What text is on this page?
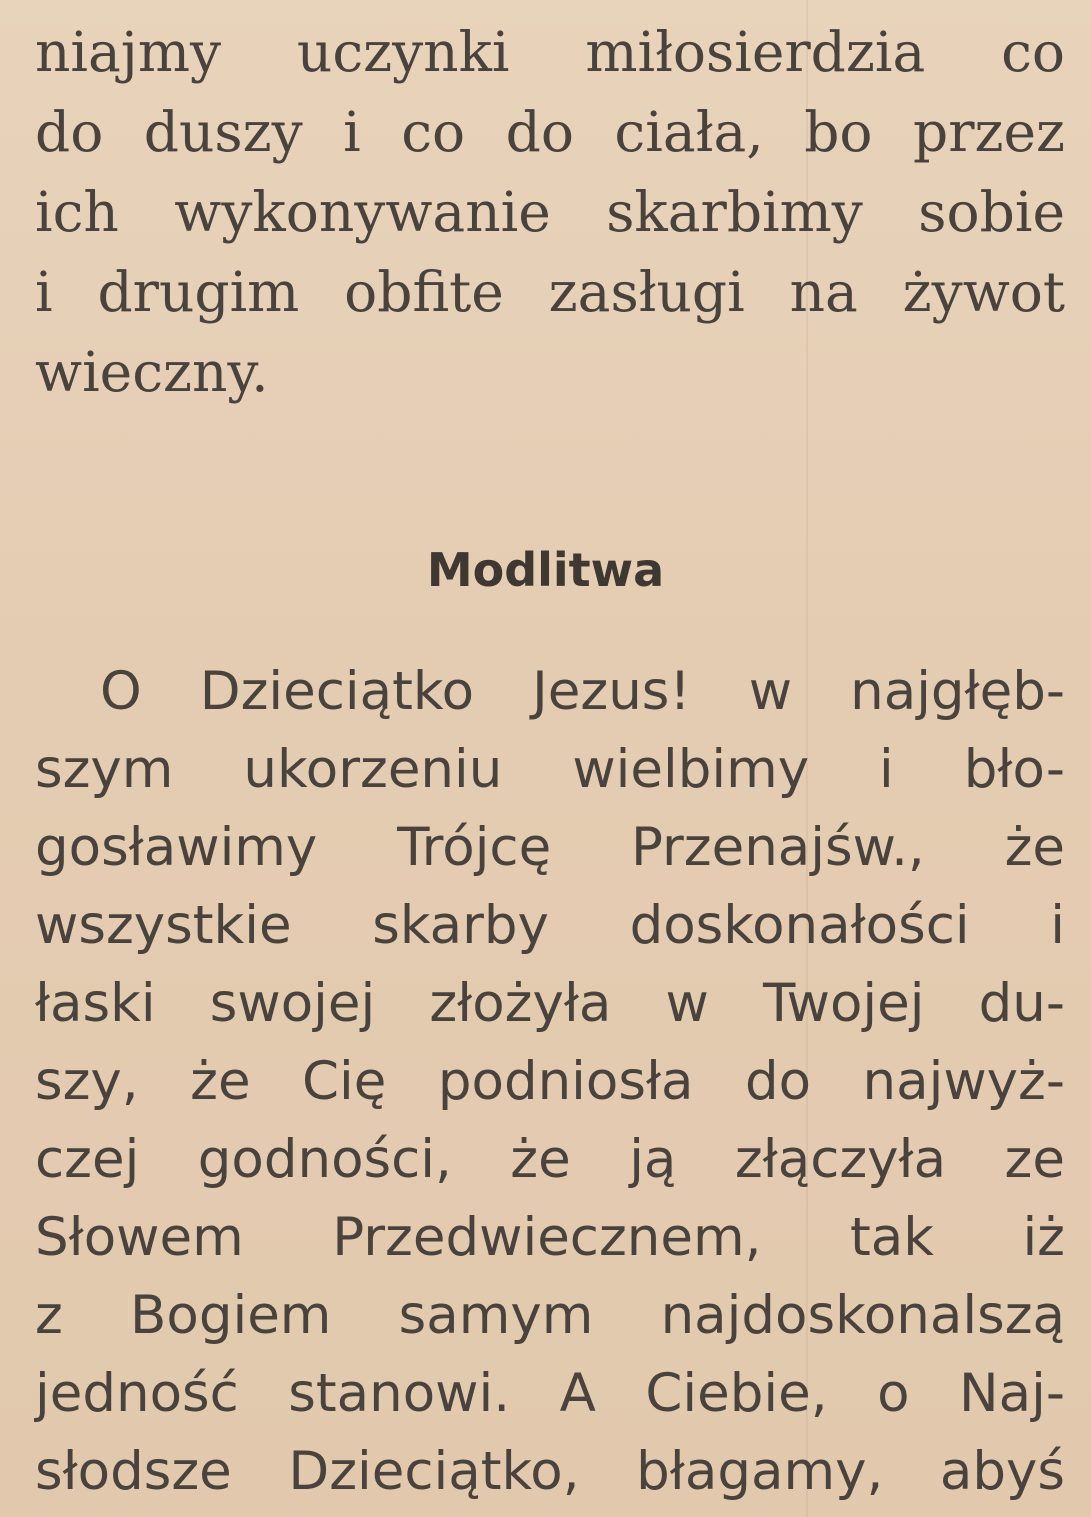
niajmy uczynki miłosierdzia co
do duszy i co do ciała, bo przez
ich wykonywanie skarbimy sobie
i drugim obfite zasługi na żywot
wieczny.
Modlitwa
O Dzieciątko Jezus! w najgłęb-
szym ukorzeniu wielbimy i bło-
gosławimy Trójcę Przenajśw., że
wszystkie skarby doskonałości i
łaski swojej złożyła w Twojej du-
szy, że Cię podniosła do najwyż-
czej godności, że ją złączyła ze
Słowem Przedwiecznem, tak iż
z Bogiem samym najdoskonalszą
jedność stanowi. A Ciebie, o Naj-
słodsze Dzieciątko, błagamy, abyś
